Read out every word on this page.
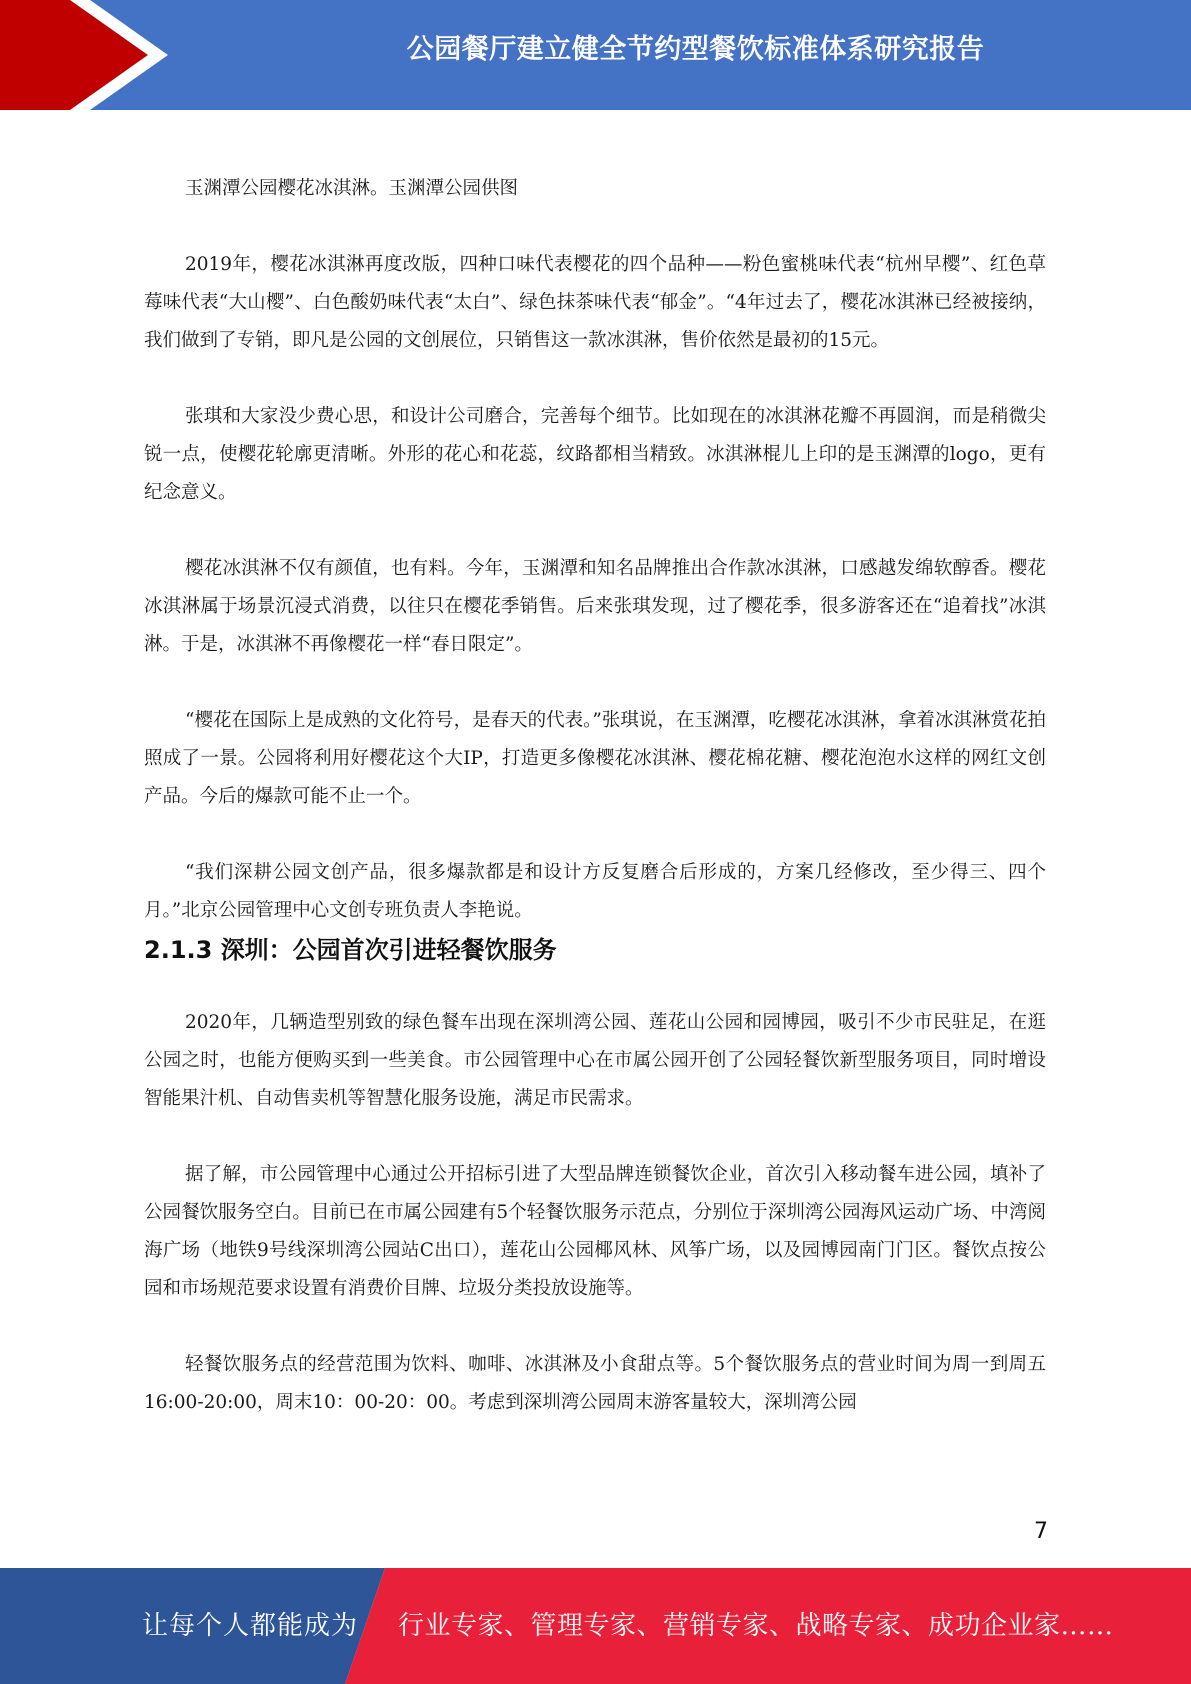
公园餐厅建立健全节约型餐饮标准体系研究报告

玉渊潭公园樱花冰淇淋。玉渊潭公园供图

2019年，樱花冰淇淋再度改版，四种口味代表樱花的四个品种——粉色蜜桃味代表“杭州早樱”、红色草莓味代表“大山樱”、白色酸奶味代表“太白”、绿色抹茶味代表“郁金”。“4年过去了，樱花冰淇淋已经被接纳，我们做到了专销，即凡是公园的文创展位，只销售这一款冰淇淋，售价依然是最初的15元。

张琪和大家没少费心思，和设计公司磨合，完善每个细节。比如现在的冰淇淋花瓣不再圆润，而是稍微尖锐一点，使樱花轮廓更清晰。外形的花心和花蕊，纹路都相当精致。冰淇淋棍儿上印的是玉渊潭的logo，更有纪念意义。

樱花冰淇淋不仅有颜值，也有料。今年，玉渊潭和知名品牌推出合作款冰淇淋，口感越发绵软醇香。樱花冰淇淋属于场景沉浸式消费，以往只在樱花季销售。后来张琪发现，过了樱花季，很多游客还在“追着找”冰淇淋。于是，冰淇淋不再像樱花一样“春日限定”。

“樱花在国际上是成熟的文化符号，是春天的代表。”张琪说，在玉渊潭，吃樱花冰淇淋，拿着冰淇淋赏花拍照成了一景。公园将利用好樱花这个大IP，打造更多像樱花冰淇淋、樱花棉花糖、樱花泡泡水这样的网红文创产品。今后的爆款可能不止一个。

“我们深耕公园文创产品，很多爆款都是和设计方反复磨合后形成的，方案几经修改，至少得三、四个月。”北京公园管理中心文创专班负责人李艳说。

2.1.3 深圳：公园首次引进轻餐饮服务

2020年，几辆造型别致的绿色餐车出现在深圳湾公园、莲花山公园和园博园，吸引不少市民驻足，在逛公园之时，也能方便购买到一些美食。市公园管理中心在市属公园开创了公园轻餐饮新型服务项目，同时增设智能果汁机、自动售卖机等智慧化服务设施，满足市民需求。

据了解，市公园管理中心通过公开招标引进了大型品牌连锁餐饮企业，首次引入移动餐车进公园，填补了公园餐饮服务空白。目前已在市属公园建有5个轻餐饮服务示范点，分别位于深圳湾公园海风运动广场、中湾阅海广场（地铁9号线深圳湾公园站C出口），莲花山公园椰风林、风筝广场，以及园博园南门门区。餐饮点按公园和市场规范要求设置有消费价目牌、垃圾分类投放设施等。

轻餐饮服务点的经营范围为饮料、咖啡、冰淇淋及小食甜点等。5个餐饮服务点的营业时间为周一到周五16:00-20:00，周末10：00-20：00。考虑到深圳湾公园周末游客量较大，深圳湾公园

7
让每个人都能成为 行业专家、管理专家、营销专家、战略专家、成功企业家……
